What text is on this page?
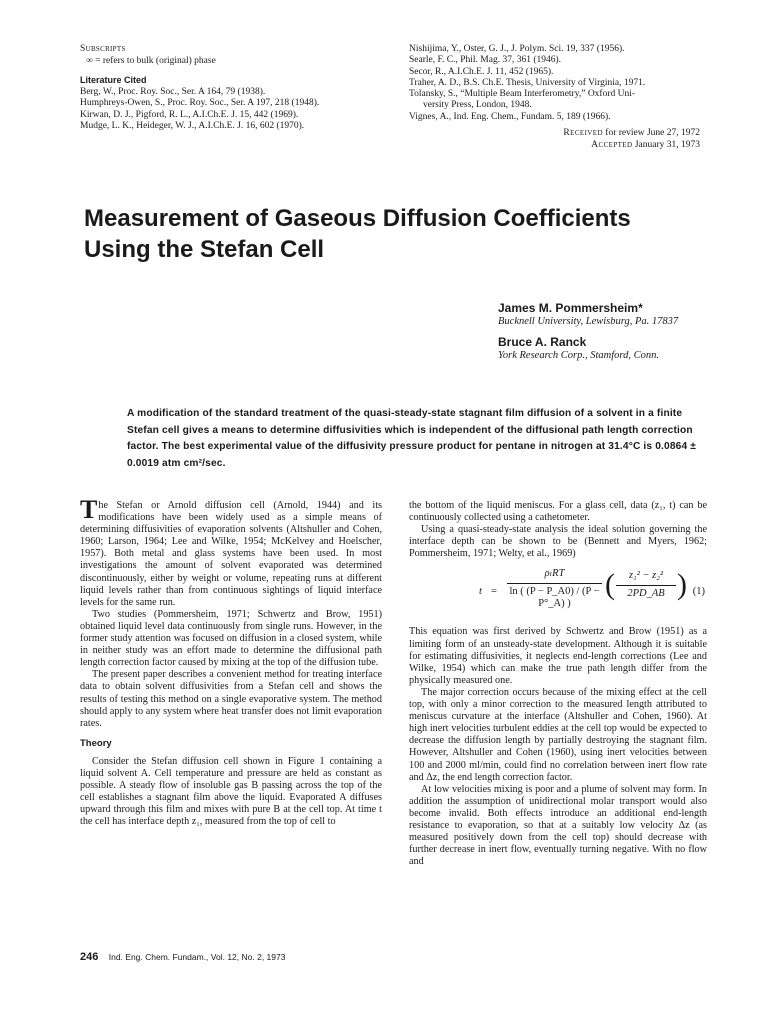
Subscripts
∞ = refers to bulk (original) phase
Literature Cited
Berg, W., Proc. Roy. Soc., Ser. A 164, 79 (1938).
Humphreys-Owen, S., Proc. Roy. Soc., Ser. A 197, 218 (1948).
Kirwan, D. J., Pigford, R. L., A.I.Ch.E. J. 15, 442 (1969).
Mudge, L. K., Heideger, W. J., A.I.Ch.E. J. 16, 602 (1970).
Nishijima, Y., Oster, G. J., J. Polym. Sci. 19, 337 (1956).
Searle, F. C., Phil. Mag. 37, 361 (1946).
Secor, R., A.I.Ch.E. J. 11, 452 (1965).
Traher, A. D., B.S. Ch.E. Thesis, University of Virginia, 1971.
Tolansky, S., “Multiple Beam Interferometry,” Oxford Uni-
versity Press, London, 1948.
Vignes, A., Ind. Eng. Chem., Fundam. 5, 189 (1966).
Received for review June 27, 1972
Accepted January 31, 1973
Measurement of Gaseous Diffusion Coefficients
Using the Stefan Cell
James M. Pommersheim*
Bucknell University, Lewisburg, Pa. 17837
Bruce A. Ranck
York Research Corp., Stamford, Conn.
A modification of the standard treatment of the quasi-steady-state stagnant film diffusion of a solvent in a finite Stefan cell gives a means to determine diffusivities which is independent of the diffusional path length correction factor. The best experimental value of the diffusivity pressure product for pentane in nitrogen at 31.4°C is 0.0864 ± 0.0019 atm cm²/sec.

The Stefan or Arnold diffusion cell (Arnold, 1944) and its modifications have been widely used as a simple means of determining diffusivities of evaporation solvents (Altshuller and Cohen, 1960; Larson, 1964; Lee and Wilke, 1954; McKelvey and Hoelscher, 1957). Both metal and glass systems have been used. In most investigations the amount of solvent evaporated was determined discontinuously, either by weight or volume, repeating runs at different liquid levels rather than from continuous sightings of liquid interface levels for the same run.

Two studies (Pommersheim, 1971; Schwertz and Brow, 1951) obtained liquid level data continuously from single runs. However, in the former study attention was focused on diffusion in a closed system, while in neither study was an effort made to determine the diffusional path length correction factor caused by mixing at the top of the diffusion tube.

The present paper describes a convenient method for treating interface data to obtain solvent diffusivities from a Stefan cell and shows the results of testing this method on a single evaporative system. The method should apply to any system where heat transfer does not limit evaporation rates.

Theory

Consider the Stefan diffusion cell shown in Figure 1 containing a liquid solvent A. Cell temperature and pressure are held as constant as possible. A steady flow of insoluble gas B passing across the top of the cell establishes a stagnant film above the liquid. Evaporated A diffuses upward through this film and mixes with pure B at the cell top. At time t the cell has interface depth z₁, measured from the top of cell to

the bottom of the liquid meniscus. For a glass cell, data (z₁, t) can be continuously collected using a cathetometer.

Using a quasi-steady-state analysis the ideal solution governing the interface depth can be shown to be (Bennett and Myers, 1962; Pommersheim, 1971; Welty, et al., 1969)

t =
ρₗRT
ln ( (P − P_A0) / (P − P°_A) )
( $\frac{\text{z₁² − z₂²}}{2PD\_AB}$ ) (1)

This equation was first derived by Schwertz and Brow (1951) as a limiting form of an unsteady-state development. Although it is suitable for estimating diffusivities, it neglects end-length corrections (Lee and Wilke, 1954) which can make the true path length differ from the physically measured one.

The major correction occurs because of the mixing effect at the cell top, with only a minor correction to the measured length attributed to meniscus curvature at the interface (Altshuller and Cohen, 1960). At high inert velocities turbulent eddies at the cell top would be expected to decrease the diffusion length by partially destroying the stagnant film. However, Altshuller and Cohen (1960), using inert velocities between 100 and 2000 ml/min, could find no correlation between inert flow rate and Δz, the end length correction factor.

At low velocities mixing is poor and a plume of solvent may form. In addition the assumption of unidirectional molar transport would also become invalid. Both effects introduce an additional end-length resistance to evaporation, so that at a suitably low velocity Δz (as measured positively down from the cell top) should decrease with further decrease in inert flow, eventually turning negative. With no flow and

246 Ind. Eng. Chem. Fundam., Vol. 12, No. 2, 1973
